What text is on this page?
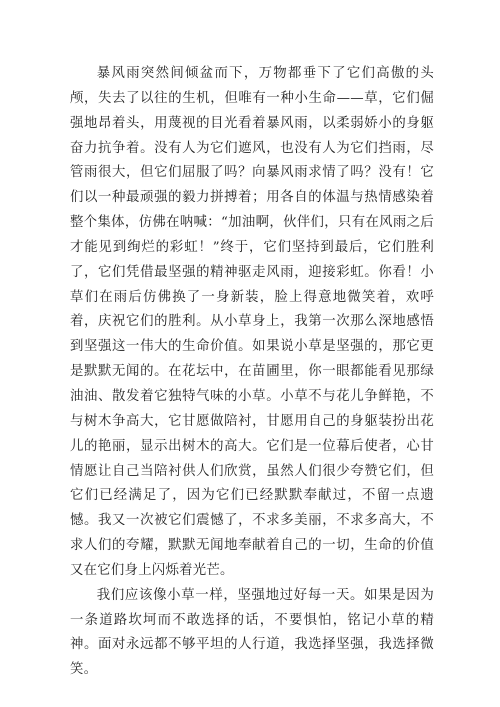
暴风雨突然间倾盆而下，万物都垂下了它们高傲的头颅，失去了以往的生机，但唯有一种小生命——草，它们倔强地昂着头，用蔑视的目光看着暴风雨，以柔弱娇小的身躯奋力抗争着。没有人为它们遮风，也没有人为它们挡雨，尽管雨很大，但它们屈服了吗？向暴风雨求情了吗？没有！它们以一种最顽强的毅力拼搏着；用各自的体温与热情感染着整个集体，仿佛在呐喊：“加油啊，伙伴们，只有在风雨之后才能见到绚烂的彩虹！”终于，它们坚持到最后，它们胜利了，它们凭借最坚强的精神驱走风雨，迎接彩虹。你看！小草们在雨后仿佛换了一身新装，脸上得意地微笑着，欢呼着，庆祝它们的胜利。从小草身上，我第一次那么深地感悟到坚强这一伟大的生命价值。如果说小草是坚强的，那它更是默默无闻的。在花坛中，在苗圃里，你一眼都能看见那绿油油、散发着它独特气味的小草。小草不与花儿争鲜艳，不与树木争高大，它甘愿做陪衬，甘愿用自己的身躯装扮出花儿的艳丽，显示出树木的高大。它们是一位幕后使者，心甘情愿让自己当陪衬供人们欣赏，虽然人们很少夸赞它们，但它们已经满足了，因为它们已经默默奉献过，不留一点遗憾。我又一次被它们震憾了，不求多美丽，不求多高大，不求人们的夸耀，默默无闻地奉献着自己的一切，生命的价值又在它们身上闪烁着光芒。

我们应该像小草一样，坚强地过好每一天。如果是因为一条道路坎坷而不敢选择的话，不要惧怕，铭记小草的精神。面对永远都不够平坦的人行道，我选择坚强，我选择微笑。
